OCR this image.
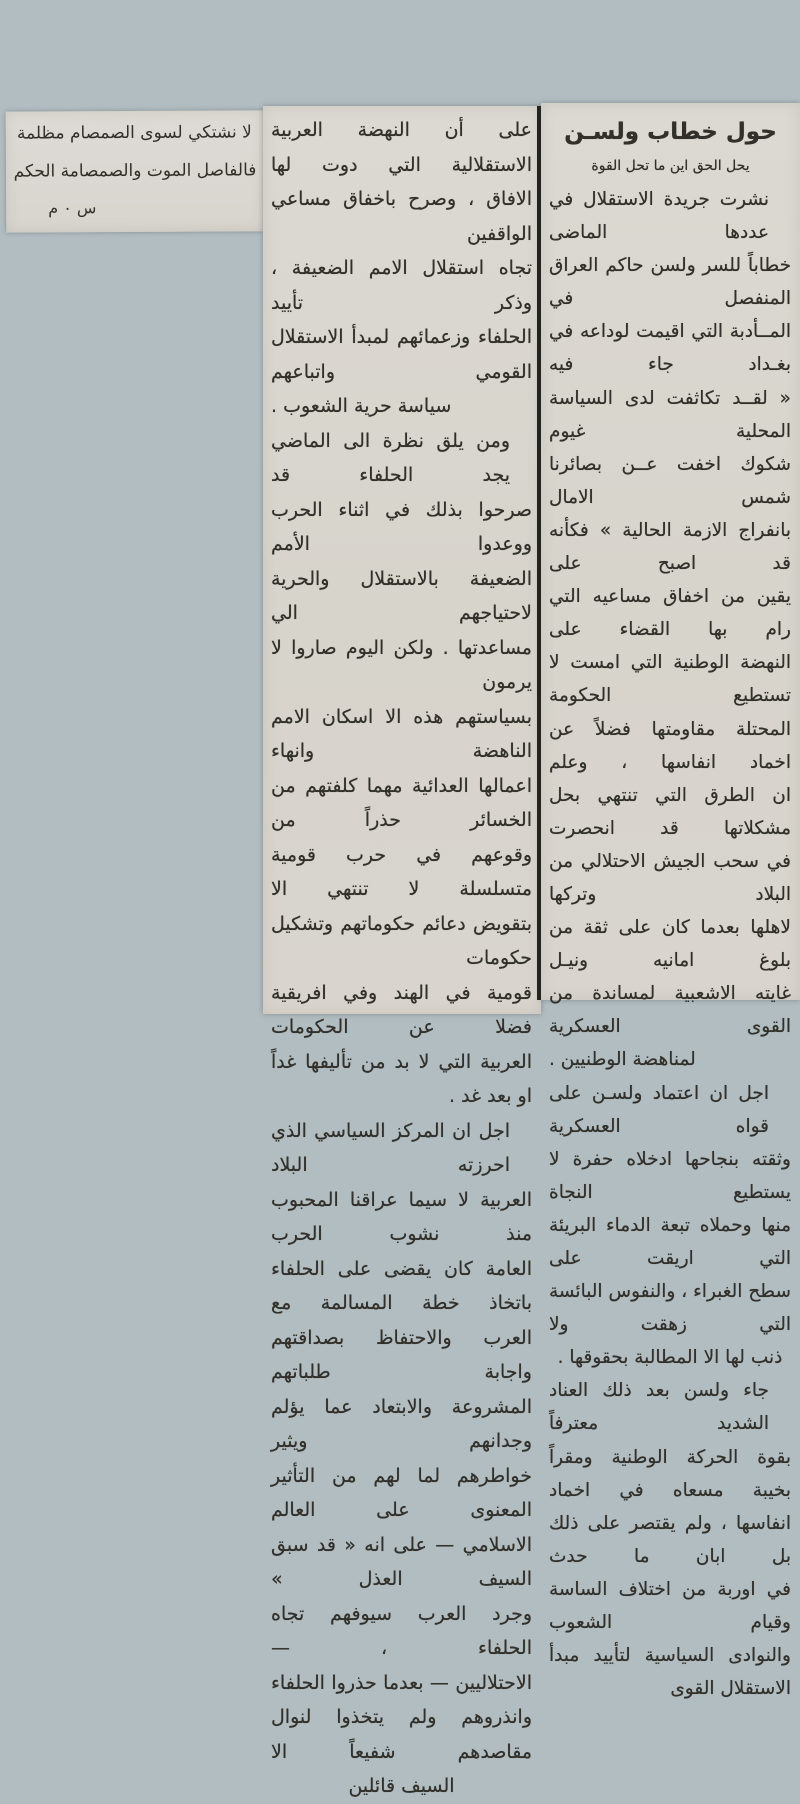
لا نشتكي لسوى الصمصام مظلمة
فالفاصل الموت والصمصامة الحكم
س ٠ م
على أن النهضة العربية الاستقلالية التي دوت لها
الافاق ، وصرح باخفاق مساعي الواقفين
تجاه استقلال الامم الضعيفة ، وذكر تأييد
الحلفاء وزعمائهم لمبدأ الاستقلال القومي واتباعهم
سياسة حرية الشعوب .
ومن يلق نظرة الى الماضي يجد الحلفاء قد
صرحوا بذلك في اثناء الحرب ووعدوا الأمم
الضعيفة بالاستقلال والحرية لاحتياجهم الي
مساعدتها . ولكن اليوم صاروا لا يرمون
بسياستهم هذه الا اسكان الامم الناهضة وانهاء
اعمالها العدائية مهما كلفتهم من الخسائر حذراً من
وقوعهم في حرب قومية متسلسلة لا تنتهي الا
بتقويض دعائم حكوماتهم وتشكيل حكومات
قومية في الهند وفي افريقية فضلا عن الحكومات
العربية التي لا بد من تأليفها غداً او بعد غد .
اجل ان المركز السياسي الذي احرزته البلاد
العربية لا سيما عراقنا المحبوب منذ نشوب الحرب
العامة كان يقضى على الحلفاء باتخاذ خطة المسالمة مع
العرب والاحتفاظ بصداقتهم واجابة طلباتهم
المشروعة والابتعاد عما يؤلم وجدانهم ويثير
خواطرهم لما لهم من التأثير المعنوى على العالم
الاسلامي — على انه « قد سبق السيف العذل »
وجرد العرب سيوفهم تجاه الحلفاء ، —
الاحتلاليين — بعدما حذروا الحلفاء
وانذروهم ولم يتخذوا لنوال مقاصدهم شفيعاً الا
السيف قائلين
حول خطاب ولسـن
يحل الحق اين ما تحل القوة
نشرت جريدة الاستقلال في عددها الماضى
خطاباً للسر ولسن حاكم العراق المنفصل في
المــأدبة التي اقيمت لوداعه في بغـداد جاء فيه
« لقــد تكاثفت لدى السياسة المحلية غيوم
شكوك اخفت عــن بصائرنا شمس الامال
بانفراج الازمة الحالية » فكأنه قد اصبح على
يقين من اخفاق مساعيه التي رام بها القضاء على
النهضة الوطنية التي امست لا تستطيع الحكومة
المحتلة مقاومتها فضلاً عن اخماد انفاسها ، وعلم
ان الطرق التي تنتهي بحل مشكلاتها قد انحصرت
في سحب الجيش الاحتلالي من البلاد وتركها
لاهلها بعدما كان على ثقة من بلوغ امانيه ونيـل
غايته الاشعبية لمساندة من القوى العسكرية
لمناهضة الوطنيين .
اجل ان اعتماد ولسـن على قواه العسكرية
وثقته بنجاحها ادخلاه حفرة لا يستطيع النجاة
منها وحملاه تبعة الدماء البريئة التي اريقت على
سطح الغبراء ، والنفوس البائسة التي زهقت ولا
ذنب لها الا المطالبة بحقوقها .
جاء ولسن بعد ذلك العناد الشديد معترفاً
بقوة الحركة الوطنية ومقراً بخيبة مسعاه في اخماد
انفاسها ، ولم يقتصر على ذلك بل ابان ما حدث
في اوربة من اختلاف الساسة وقيام الشعوب
والنوادى السياسية لتأييد مبدأ الاستقلال القوى
